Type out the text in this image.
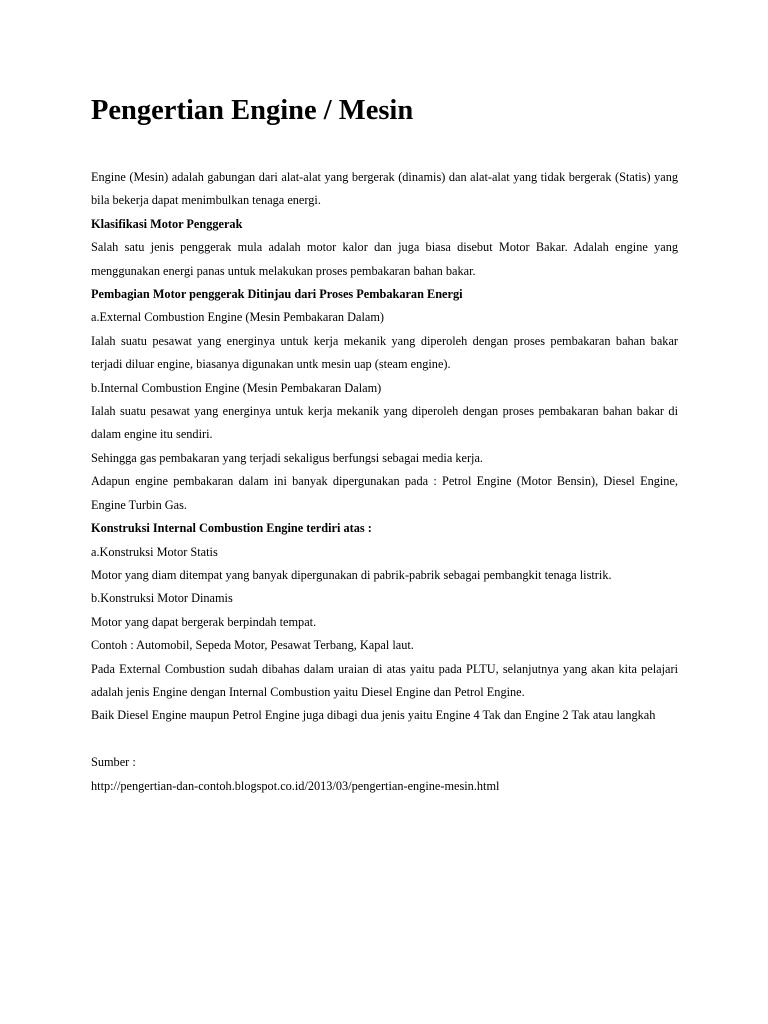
Pengertian Engine / Mesin

Engine (Mesin) adalah gabungan dari alat-alat yang bergerak (dinamis) dan alat-alat yang tidak bergerak (Statis) yang bila bekerja dapat menimbulkan tenaga energi.

Klasifikasi Motor Penggerak

Salah satu jenis penggerak mula adalah motor kalor dan juga biasa disebut Motor Bakar. Adalah engine yang menggunakan energi panas untuk melakukan proses pembakaran bahan bakar.

Pembagian Motor penggerak Ditinjau dari Proses Pembakaran Energi

a.External Combustion Engine (Mesin Pembakaran Dalam)

Ialah suatu pesawat yang energinya untuk kerja mekanik yang diperoleh dengan proses pembakaran bahan bakar terjadi diluar engine, biasanya digunakan untk mesin uap (steam engine).

b.Internal Combustion Engine (Mesin Pembakaran Dalam)

Ialah suatu pesawat yang energinya untuk kerja mekanik yang diperoleh dengan proses pembakaran bahan bakar di dalam engine itu sendiri.

Sehingga gas pembakaran yang terjadi sekaligus berfungsi sebagai media kerja.

Adapun engine pembakaran dalam ini banyak dipergunakan pada : Petrol Engine (Motor Bensin), Diesel Engine, Engine Turbin Gas.

Konstruksi Internal Combustion Engine terdiri atas :

a.Konstruksi Motor Statis

Motor yang diam ditempat yang banyak dipergunakan di pabrik-pabrik sebagai pembangkit tenaga listrik.

b.Konstruksi Motor Dinamis

Motor yang dapat bergerak berpindah tempat.

Contoh : Automobil, Sepeda Motor, Pesawat Terbang, Kapal laut.

Pada External Combustion sudah dibahas dalam uraian di atas yaitu pada PLTU, selanjutnya yang akan kita pelajari adalah jenis Engine dengan Internal Combustion yaitu Diesel Engine dan Petrol Engine.

Baik Diesel Engine maupun Petrol Engine juga dibagi dua jenis yaitu Engine 4 Tak dan Engine 2 Tak atau langkah

Sumber :

http://pengertian-dan-contoh.blogspot.co.id/2013/03/pengertian-engine-mesin.html
